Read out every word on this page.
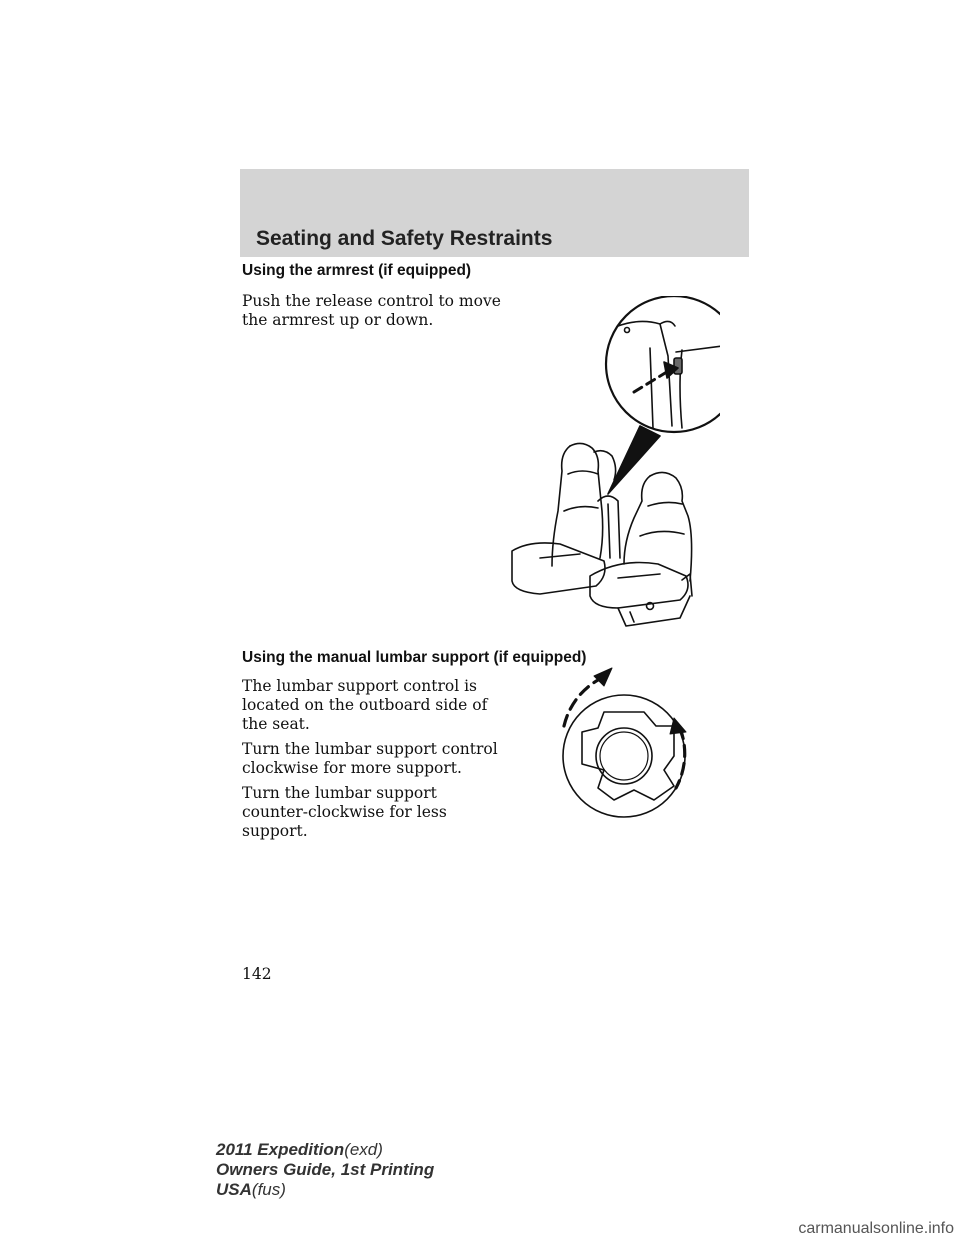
Seating and Safety Restraints
Using the armrest (if equipped)
Push the release control to move the armrest up or down.
Using the manual lumbar support (if equipped)
The lumbar support control is located on the outboard side of the seat.
Turn the lumbar support control clockwise for more support.
Turn the lumbar support counter-clockwise for less support.
142
2011 Expedition(exd)
Owners Guide, 1st Printing
USA(fus)
carmanualsonline.info
